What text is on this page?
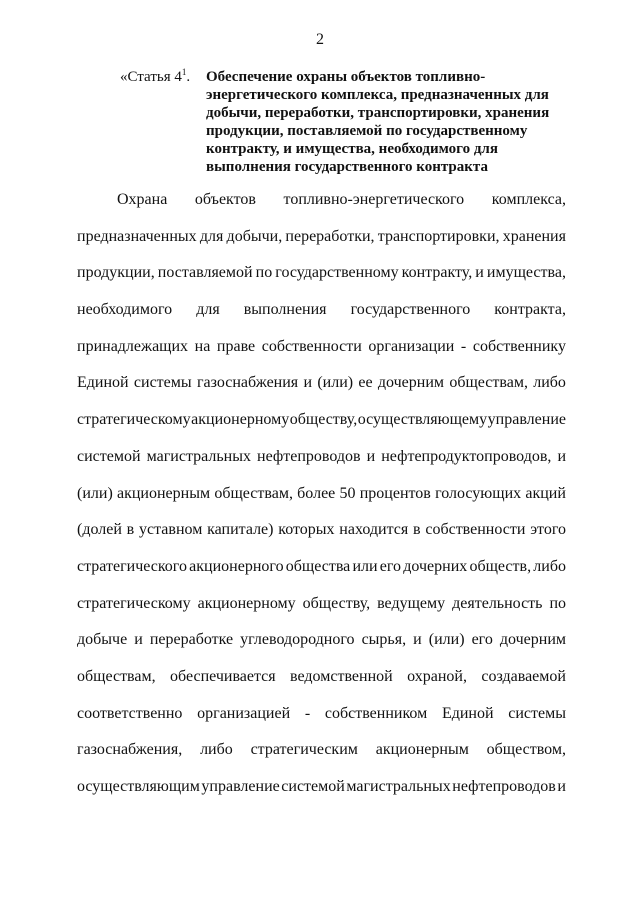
2
«Статья $4^1$.	Обеспечение охраны объектов топливно-
энергетического комплекса, предназначенных для
добычи, переработки, транспортировки, хранения
продукции, поставляемой по государственному
контракту, и имущества, необходимого для
выполнения государственного контракта
Охрана объектов топливно-энергетического комплекса,
предназначенных для добычи, переработки, транспортировки, хранения
продукции, поставляемой по государственному контракту, и имущества,
необходимого для выполнения государственного контракта,
принадлежащих на праве собственности организации - собственнику
Единой системы газоснабжения и (или) ее дочерним обществам, либо
стратегическому акционерному обществу, осуществляющему управление
системой магистральных нефтепроводов и нефтепродуктопроводов, и
(или) акционерным обществам, более 50 процентов голосующих акций
(долей в уставном капитале) которых находится в собственности этого
стратегического акционерного общества или его дочерних обществ, либо
стратегическому акционерному обществу, ведущему деятельность по
добыче и переработке углеводородного сырья, и (или) его дочерним
обществам, обеспечивается ведомственной охраной, создаваемой
соответственно организацией - собственником Единой системы
газоснабжения, либо стратегическим акционерным обществом,
осуществляющим управление системой магистральных нефтепроводов и
